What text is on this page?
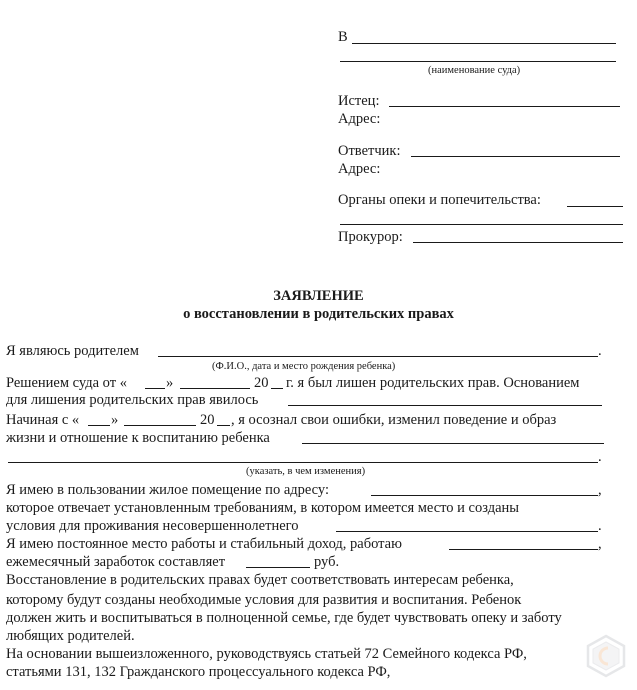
В
(наименование суда)
Истец:
Адрес:
Ответчик:
Адрес:
Органы опеки и попечительства:
Прокурор:
ЗАЯВЛЕНИЕ
о восстановлении в родительских правах
Я являюсь родителем	.
(Ф.И.О., дата и место рождения ребенка)
Решением суда от «	»	20 г. я был лишен родительских прав. Основанием
для лишения родительских прав явилось
Начиная с « »	20 , я осознал свои ошибки, изменил поведение и образ
жизни и отношение к воспитанию ребенка
.
(указать, в чем изменения)
Я имею в пользовании жилое помещение по адресу:	,
которое отвечает установленным требованиям, в котором имеется место и созданы
условия для проживания несовершеннолетнего	.
Я имею постоянное место работы и стабильный доход, работаю	,
ежемесячный заработок составляет	руб.
Восстановление в родительских правах будет соответствовать интересам ребенка,
которому будут созданы необходимые условия для развития и воспитания. Ребенок
должен жить и воспитываться в полноценной семье, где будет чувствовать опеку и заботу
любящих родителей.
На основании вышеизложенного, руководствуясь статьей 72 Семейного кодекса РФ,
статьями 131, 132 Гражданского процессуального кодекса РФ,
